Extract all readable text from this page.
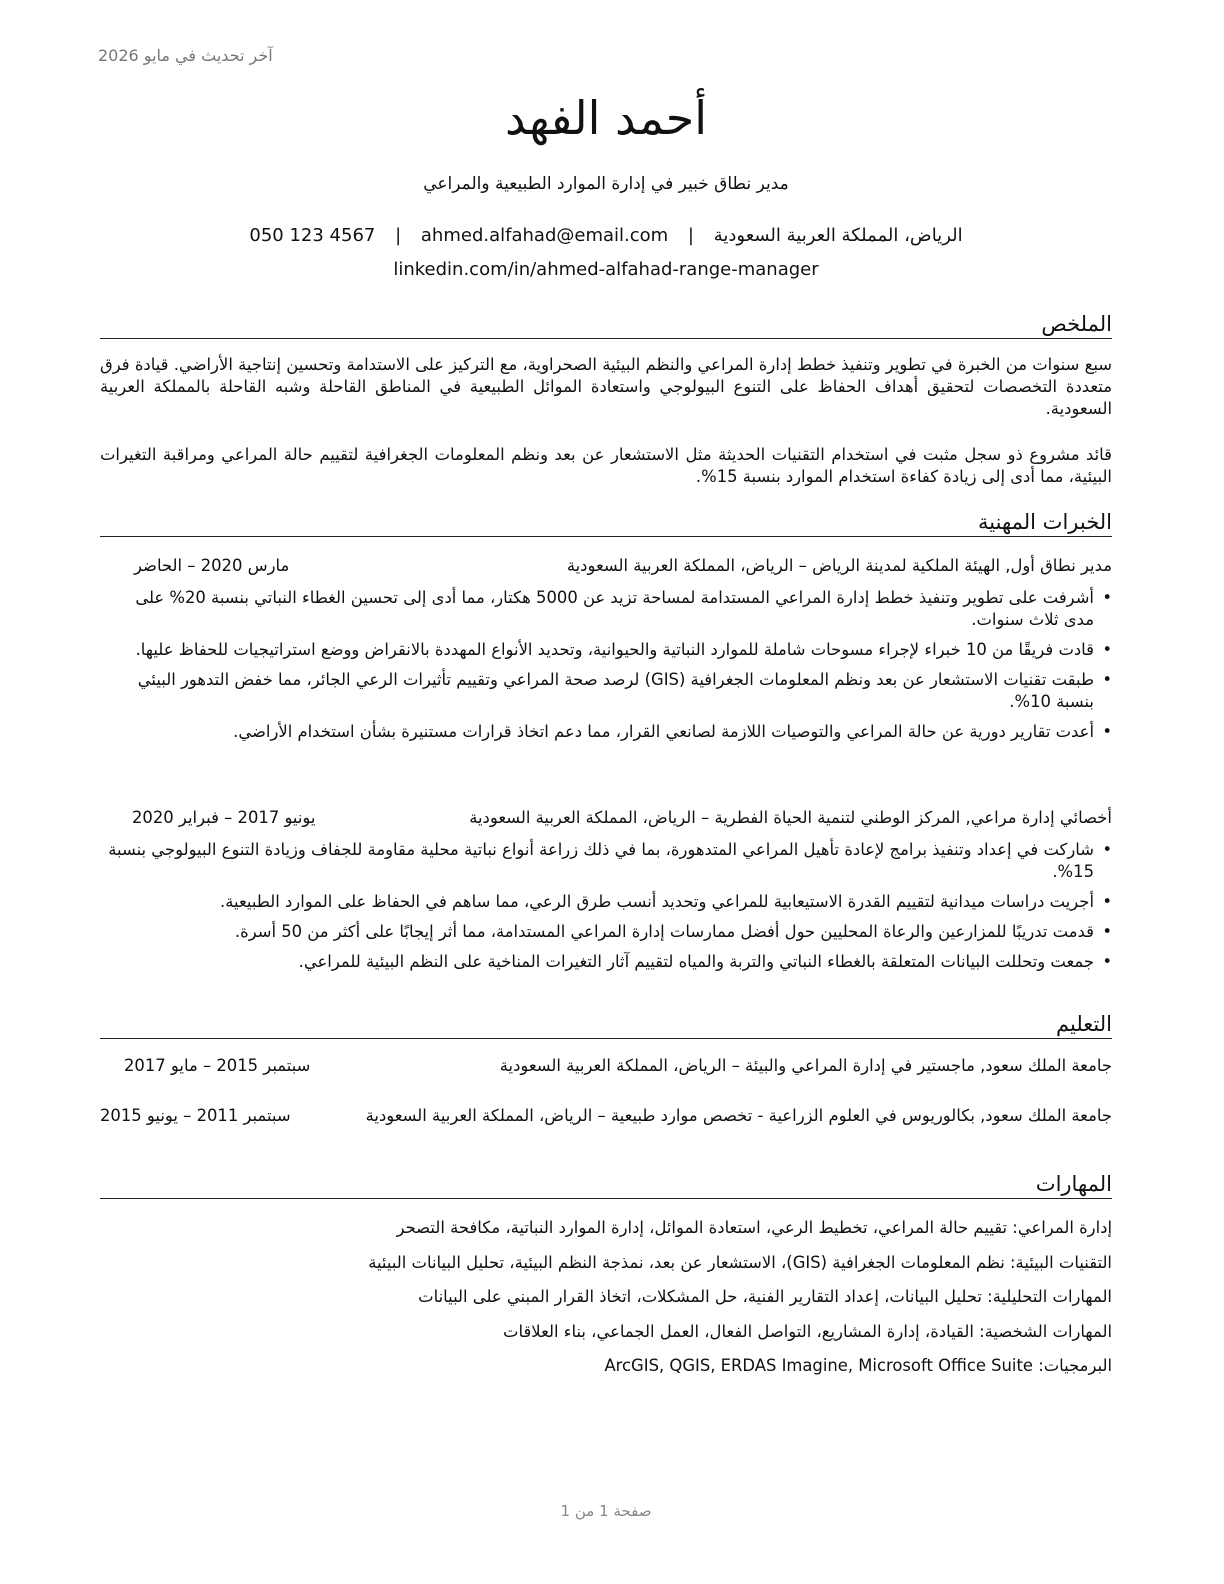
آخر تحديث في مايو 2026
أحمد الفهد
مدير نطاق خبير في إدارة الموارد الطبيعية والمراعي
الرياض، المملكة العربية السعودية | ahmed.alfahad@email.com | 050 123 4567
linkedin.com/in/ahmed-alfahad-range-manager
الملخص
سبع سنوات من الخبرة في تطوير وتنفيذ خطط إدارة المراعي والنظم البيئية الصحراوية، مع التركيز على الاستدامة وتحسين إنتاجية الأراضي. قيادة فرق متعددة التخصصات لتحقيق أهداف الحفاظ على التنوع البيولوجي واستعادة الموائل الطبيعية في المناطق القاحلة وشبه القاحلة بالمملكة العربية السعودية.
قائد مشروع ذو سجل مثبت في استخدام التقنيات الحديثة مثل الاستشعار عن بعد ونظم المعلومات الجغرافية لتقييم حالة المراعي ومراقبة التغيرات البيئية، مما أدى إلى زيادة كفاءة استخدام الموارد بنسبة 15%.
الخبرات المهنية
مدير نطاق أول, الهيئة الملكية لمدينة الرياض – الرياض، المملكة العربية السعودية
مارس 2020 – الحاضر
• أشرفت على تطوير وتنفيذ خطط إدارة المراعي المستدامة لمساحة تزيد عن 5000 هكتار، مما أدى إلى تحسين الغطاء النباتي بنسبة 20% على مدى ثلاث سنوات.
• قادت فريقًا من 10 خبراء لإجراء مسوحات شاملة للموارد النباتية والحيوانية، وتحديد الأنواع المهددة بالانقراض ووضع استراتيجيات للحفاظ عليها.
• طبقت تقنيات الاستشعار عن بعد ونظم المعلومات الجغرافية (GIS) لرصد صحة المراعي وتقييم تأثيرات الرعي الجائر، مما خفض التدهور البيئي بنسبة 10%.
• أعدت تقارير دورية عن حالة المراعي والتوصيات اللازمة لصانعي القرار، مما دعم اتخاذ قرارات مستنيرة بشأن استخدام الأراضي.
أخصائي إدارة مراعي, المركز الوطني لتنمية الحياة الفطرية – الرياض، المملكة العربية السعودية
يونيو 2017 – فبراير 2020
• شاركت في إعداد وتنفيذ برامج لإعادة تأهيل المراعي المتدهورة، بما في ذلك زراعة أنواع نباتية محلية مقاومة للجفاف وزيادة التنوع البيولوجي بنسبة 15%.
• أجريت دراسات ميدانية لتقييم القدرة الاستيعابية للمراعي وتحديد أنسب طرق الرعي، مما ساهم في الحفاظ على الموارد الطبيعية.
• قدمت تدريبًا للمزارعين والرعاة المحليين حول أفضل ممارسات إدارة المراعي المستدامة، مما أثر إيجابًا على أكثر من 50 أسرة.
• جمعت وتحللت البيانات المتعلقة بالغطاء النباتي والتربة والمياه لتقييم آثار التغيرات المناخية على النظم البيئية للمراعي.
التعليم
جامعة الملك سعود, ماجستير في إدارة المراعي والبيئة – الرياض، المملكة العربية السعودية
سبتمبر 2015 – مايو 2017
جامعة الملك سعود, بكالوريوس في العلوم الزراعية - تخصص موارد طبيعية – الرياض، المملكة العربية السعودية
سبتمبر 2011 – يونيو 2015
المهارات
إدارة المراعي: تقييم حالة المراعي، تخطيط الرعي، استعادة الموائل، إدارة الموارد النباتية، مكافحة التصحر
التقنيات البيئية: نظم المعلومات الجغرافية (GIS)، الاستشعار عن بعد، نمذجة النظم البيئية، تحليل البيانات البيئية
المهارات التحليلية: تحليل البيانات، إعداد التقارير الفنية، حل المشكلات، اتخاذ القرار المبني على البيانات
المهارات الشخصية: القيادة، إدارة المشاريع، التواصل الفعال، العمل الجماعي، بناء العلاقات
البرمجيات: ArcGIS, QGIS, ERDAS Imagine, Microsoft Office Suite
صفحة 1 من 1
